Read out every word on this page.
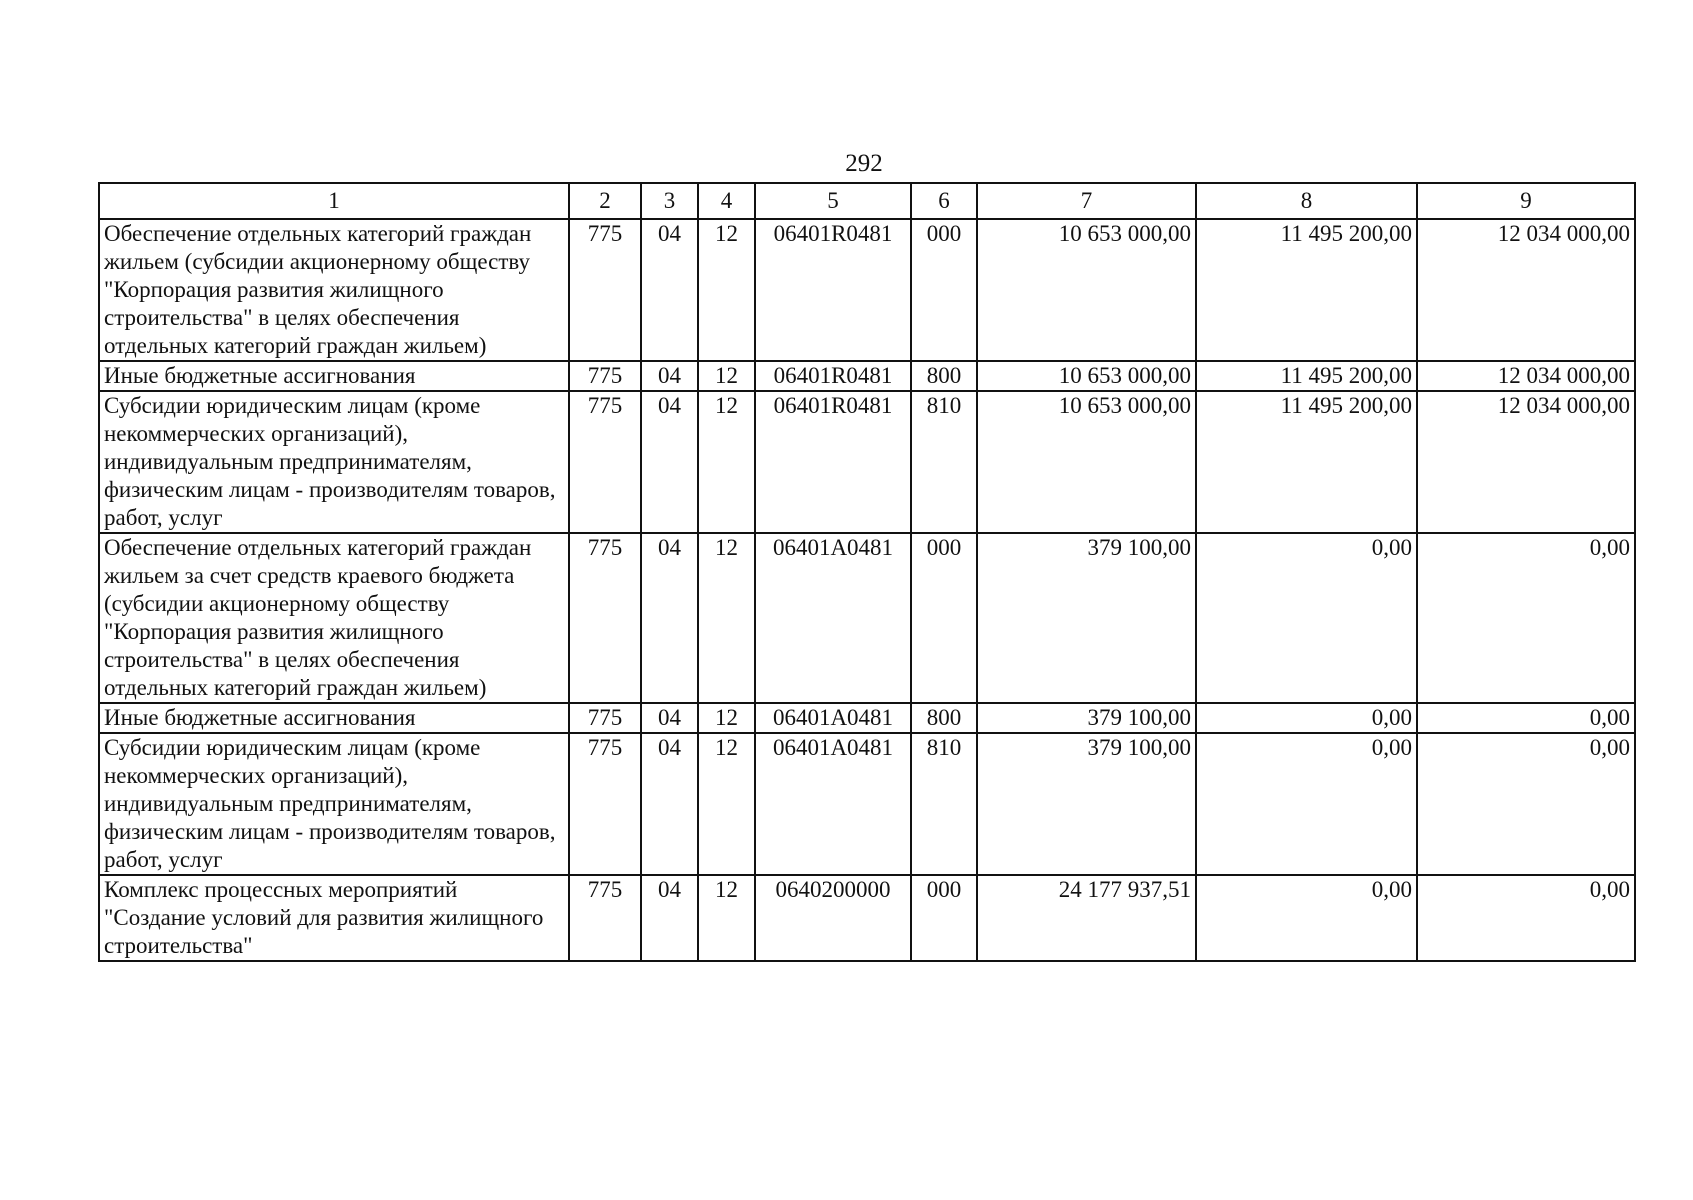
292
1	2	3	4	5	6	7	8	9
Обеспечение отдельных категорий граждан жильем (субсидии акционерному обществу "Корпорация развития жилищного строительства" в целях обеспечения отдельных категорий граждан жильем)	775	04	12	06401R0481	000	10 653 000,00	11 495 200,00	12 034 000,00
Иные бюджетные ассигнования	775	04	12	06401R0481	800	10 653 000,00	11 495 200,00	12 034 000,00
Субсидии юридическим лицам (кроме некоммерческих организаций), индивидуальным предпринимателям, физическим лицам - производителям товаров, работ, услуг	775	04	12	06401R0481	810	10 653 000,00	11 495 200,00	12 034 000,00
Обеспечение отдельных категорий граждан жильем за счет средств краевого бюджета (субсидии акционерному обществу "Корпорация развития жилищного строительства" в целях обеспечения отдельных категорий граждан жильем)	775	04	12	06401A0481	000	379 100,00	0,00	0,00
Иные бюджетные ассигнования	775	04	12	06401A0481	800	379 100,00	0,00	0,00
Субсидии юридическим лицам (кроме некоммерческих организаций), индивидуальным предпринимателям, физическим лицам - производителям товаров, работ, услуг	775	04	12	06401A0481	810	379 100,00	0,00	0,00
Комплекс процессных мероприятий "Создание условий для развития жилищного строительства"	775	04	12	0640200000	000	24 177 937,51	0,00	0,00
